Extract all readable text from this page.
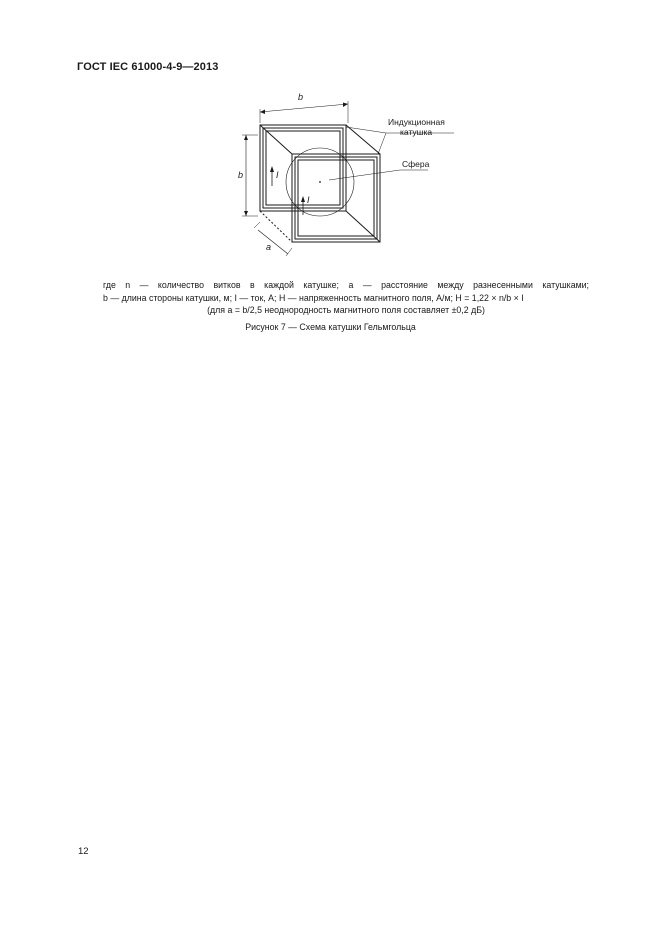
ГОСТ IEC 61000-4-9—2013
b
b
a
I
I
Индукционная
катушка
Сфера
где n — количество витков в каждой катушке; a — расстояние между разнесенными катушками;
b — длина стороны катушки, м; I — ток, А; H — напряженность магнитного поля, А/м; H = 1,22 × n/b × I
(для a = b/2,5 неоднородность магнитного поля составляет ±0,2 дБ)
Рисунок 7 — Схема катушки Гельмгольца
12
